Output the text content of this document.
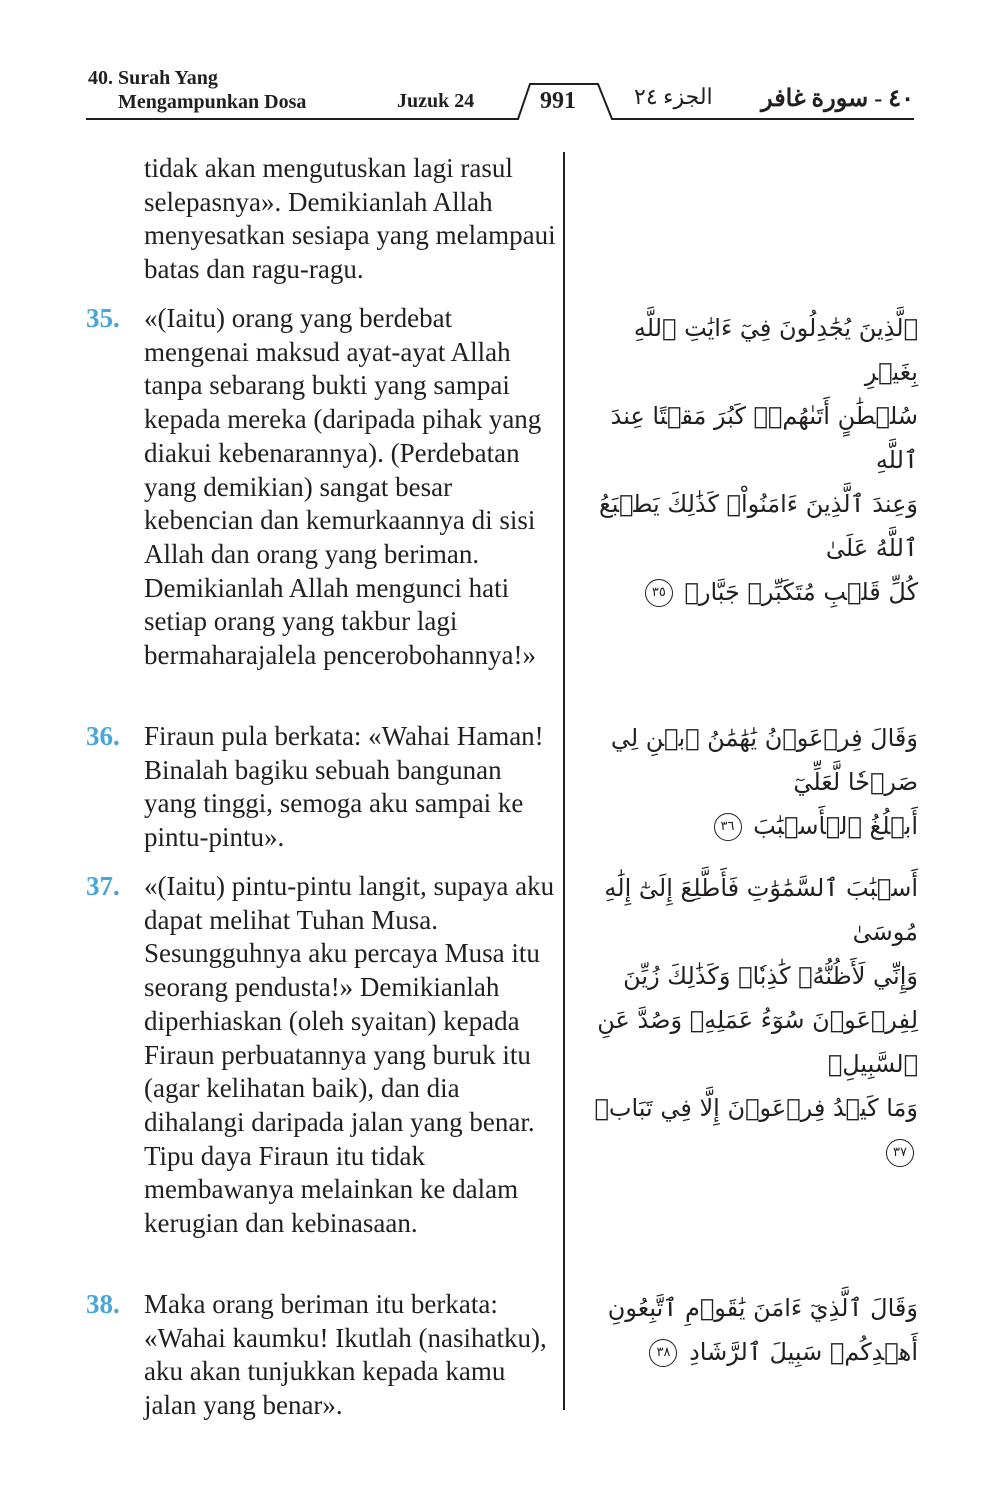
40. Surah Yang
Mengampunkan Dosa	Juzuk 24	991	الجزء ٢٤ ٤٠ - سورة غافر
tidak akan mengutuskan lagi rasul selepasnya». Demikianlah Allah menyesatkan sesiapa yang melampaui batas dan ragu-ragu.
35. «(Iaitu) orang yang berdebat mengenai maksud ayat-ayat Allah tanpa sebarang bukti yang sampai kepada mereka (daripada pihak yang diakui kebenarannya). (Perdebatan yang demikian) sangat besar kebencian dan kemurkaannya di sisi Allah dan orang yang beriman. Demikianlah Allah mengunci hati setiap orang yang takbur lagi bermaharajalela pencerobohannya!»
ٱلَّذِينَ يُجَٰدِلُونَ فِيٓ ءَايَٰتِ ٱللَّهِ بِغَيۡرِ
سُلۡطَٰنٍ أَتَىٰهُمۡۖ كَبُرَ مَقۡتًا عِندَ ٱللَّهِ
وَعِندَ ٱلَّذِينَ ءَامَنُواْۚ كَذَٰلِكَ يَطۡبَعُ ٱللَّهُ عَلَىٰ
كُلِّ قَلۡبِ مُتَكَبِّرٖ جَبَّارٖ ٣٥
36. Firaun pula berkata: «Wahai Haman! Binalah bagiku sebuah bangunan yang tinggi, semoga aku sampai ke pintu-pintu».
وَقَالَ فِرۡعَوۡنُ يَٰهَٰمَٰنُ ٱبۡنِ لِي صَرۡحٗا لَّعَلِّيٓ
أَبۡلُغُ ٱلۡأَسۡبَٰبَ ٣٦
37. «(Iaitu) pintu-pintu langit, supaya aku dapat melihat Tuhan Musa. Sesungguhnya aku percaya Musa itu seorang pendusta!» Demikianlah diperhiaskan (oleh syaitan) kepada Firaun perbuatannya yang buruk itu (agar kelihatan baik), dan dia dihalangi daripada jalan yang benar. Tipu daya Firaun itu tidak membawanya melainkan ke dalam kerugian dan kebinasaan.
أَسۡبَٰبَ ٱلسَّمَٰوَٰتِ فَأَطَّلِعَ إِلَىٰٓ إِلَٰهِ مُوسَىٰ
وَإِنِّي لَأَظُنُّهُۥ كَٰذِبٗاۚ وَكَذَٰلِكَ زُيِّنَ
لِفِرۡعَوۡنَ سُوٓءُ عَمَلِهِۦ وَصُدَّ عَنِ ٱلسَّبِيلِۚ
وَمَا كَيۡدُ فِرۡعَوۡنَ إِلَّا فِي تَبَابٖ ٣٧
38. Maka orang beriman itu berkata: «Wahai kaumku! Ikutlah (nasihatku), aku akan tunjukkan kepada kamu jalan yang benar».
وَقَالَ ٱلَّذِيٓ ءَامَنَ يَٰقَوۡمِ ٱتَّبِعُونِ
أَهۡدِكُمۡ سَبِيلَ ٱلرَّشَادِ ٣٨
